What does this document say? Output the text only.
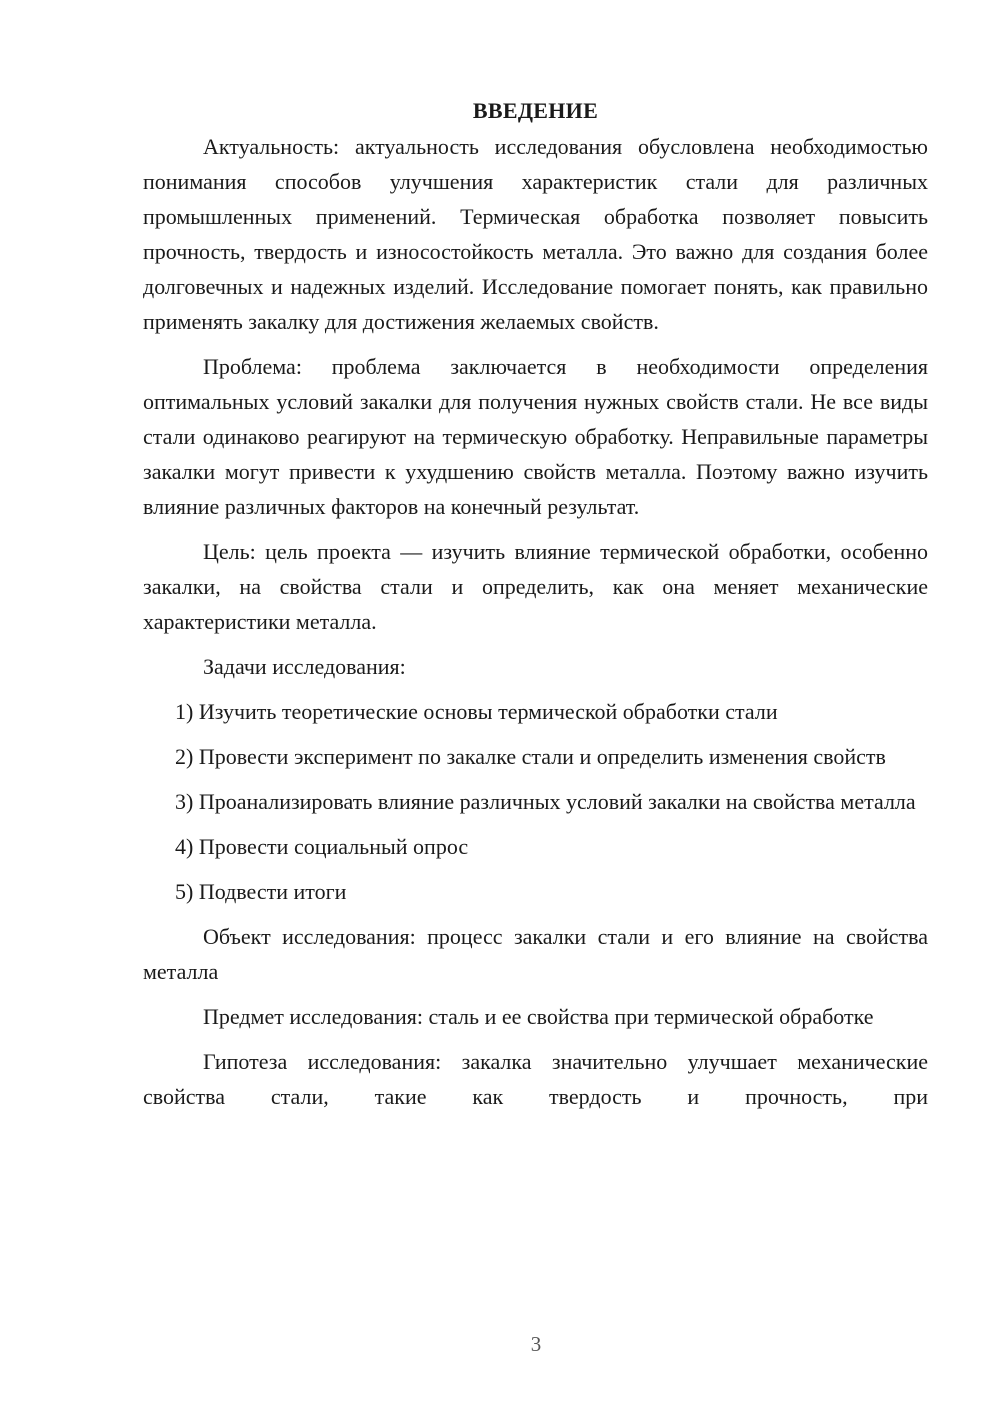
ВВЕДЕНИЕ

Актуальность: актуальность исследования обусловлена необходимостью понимания способов улучшения характеристик стали для различных промышленных применений. Термическая обработка позволяет повысить прочность, твердость и износостойкость металла. Это важно для создания более долговечных и надежных изделий. Исследование помогает понять, как правильно применять закалку для достижения желаемых свойств.

Проблема: проблема заключается в необходимости определения оптимальных условий закалки для получения нужных свойств стали. Не все виды стали одинаково реагируют на термическую обработку. Неправильные параметры закалки могут привести к ухудшению свойств металла. Поэтому важно изучить влияние различных факторов на конечный результат.

Цель: цель проекта — изучить влияние термической обработки, особенно закалки, на свойства стали и определить, как она меняет механические характеристики металла.

Задачи исследования:

1) Изучить теоретические основы термической обработки стали

2) Провести эксперимент по закалке стали и определить изменения свойств

3) Проанализировать влияние различных условий закалки на свойства металла

4) Провести социальный опрос

5) Подвести итоги

Объект исследования: процесс закалки стали и его влияние на свойства металла

Предмет исследования: сталь и ее свойства при термической обработке

Гипотеза исследования: закалка значительно улучшает механические свойства стали, такие как твердость и прочность, при

3
